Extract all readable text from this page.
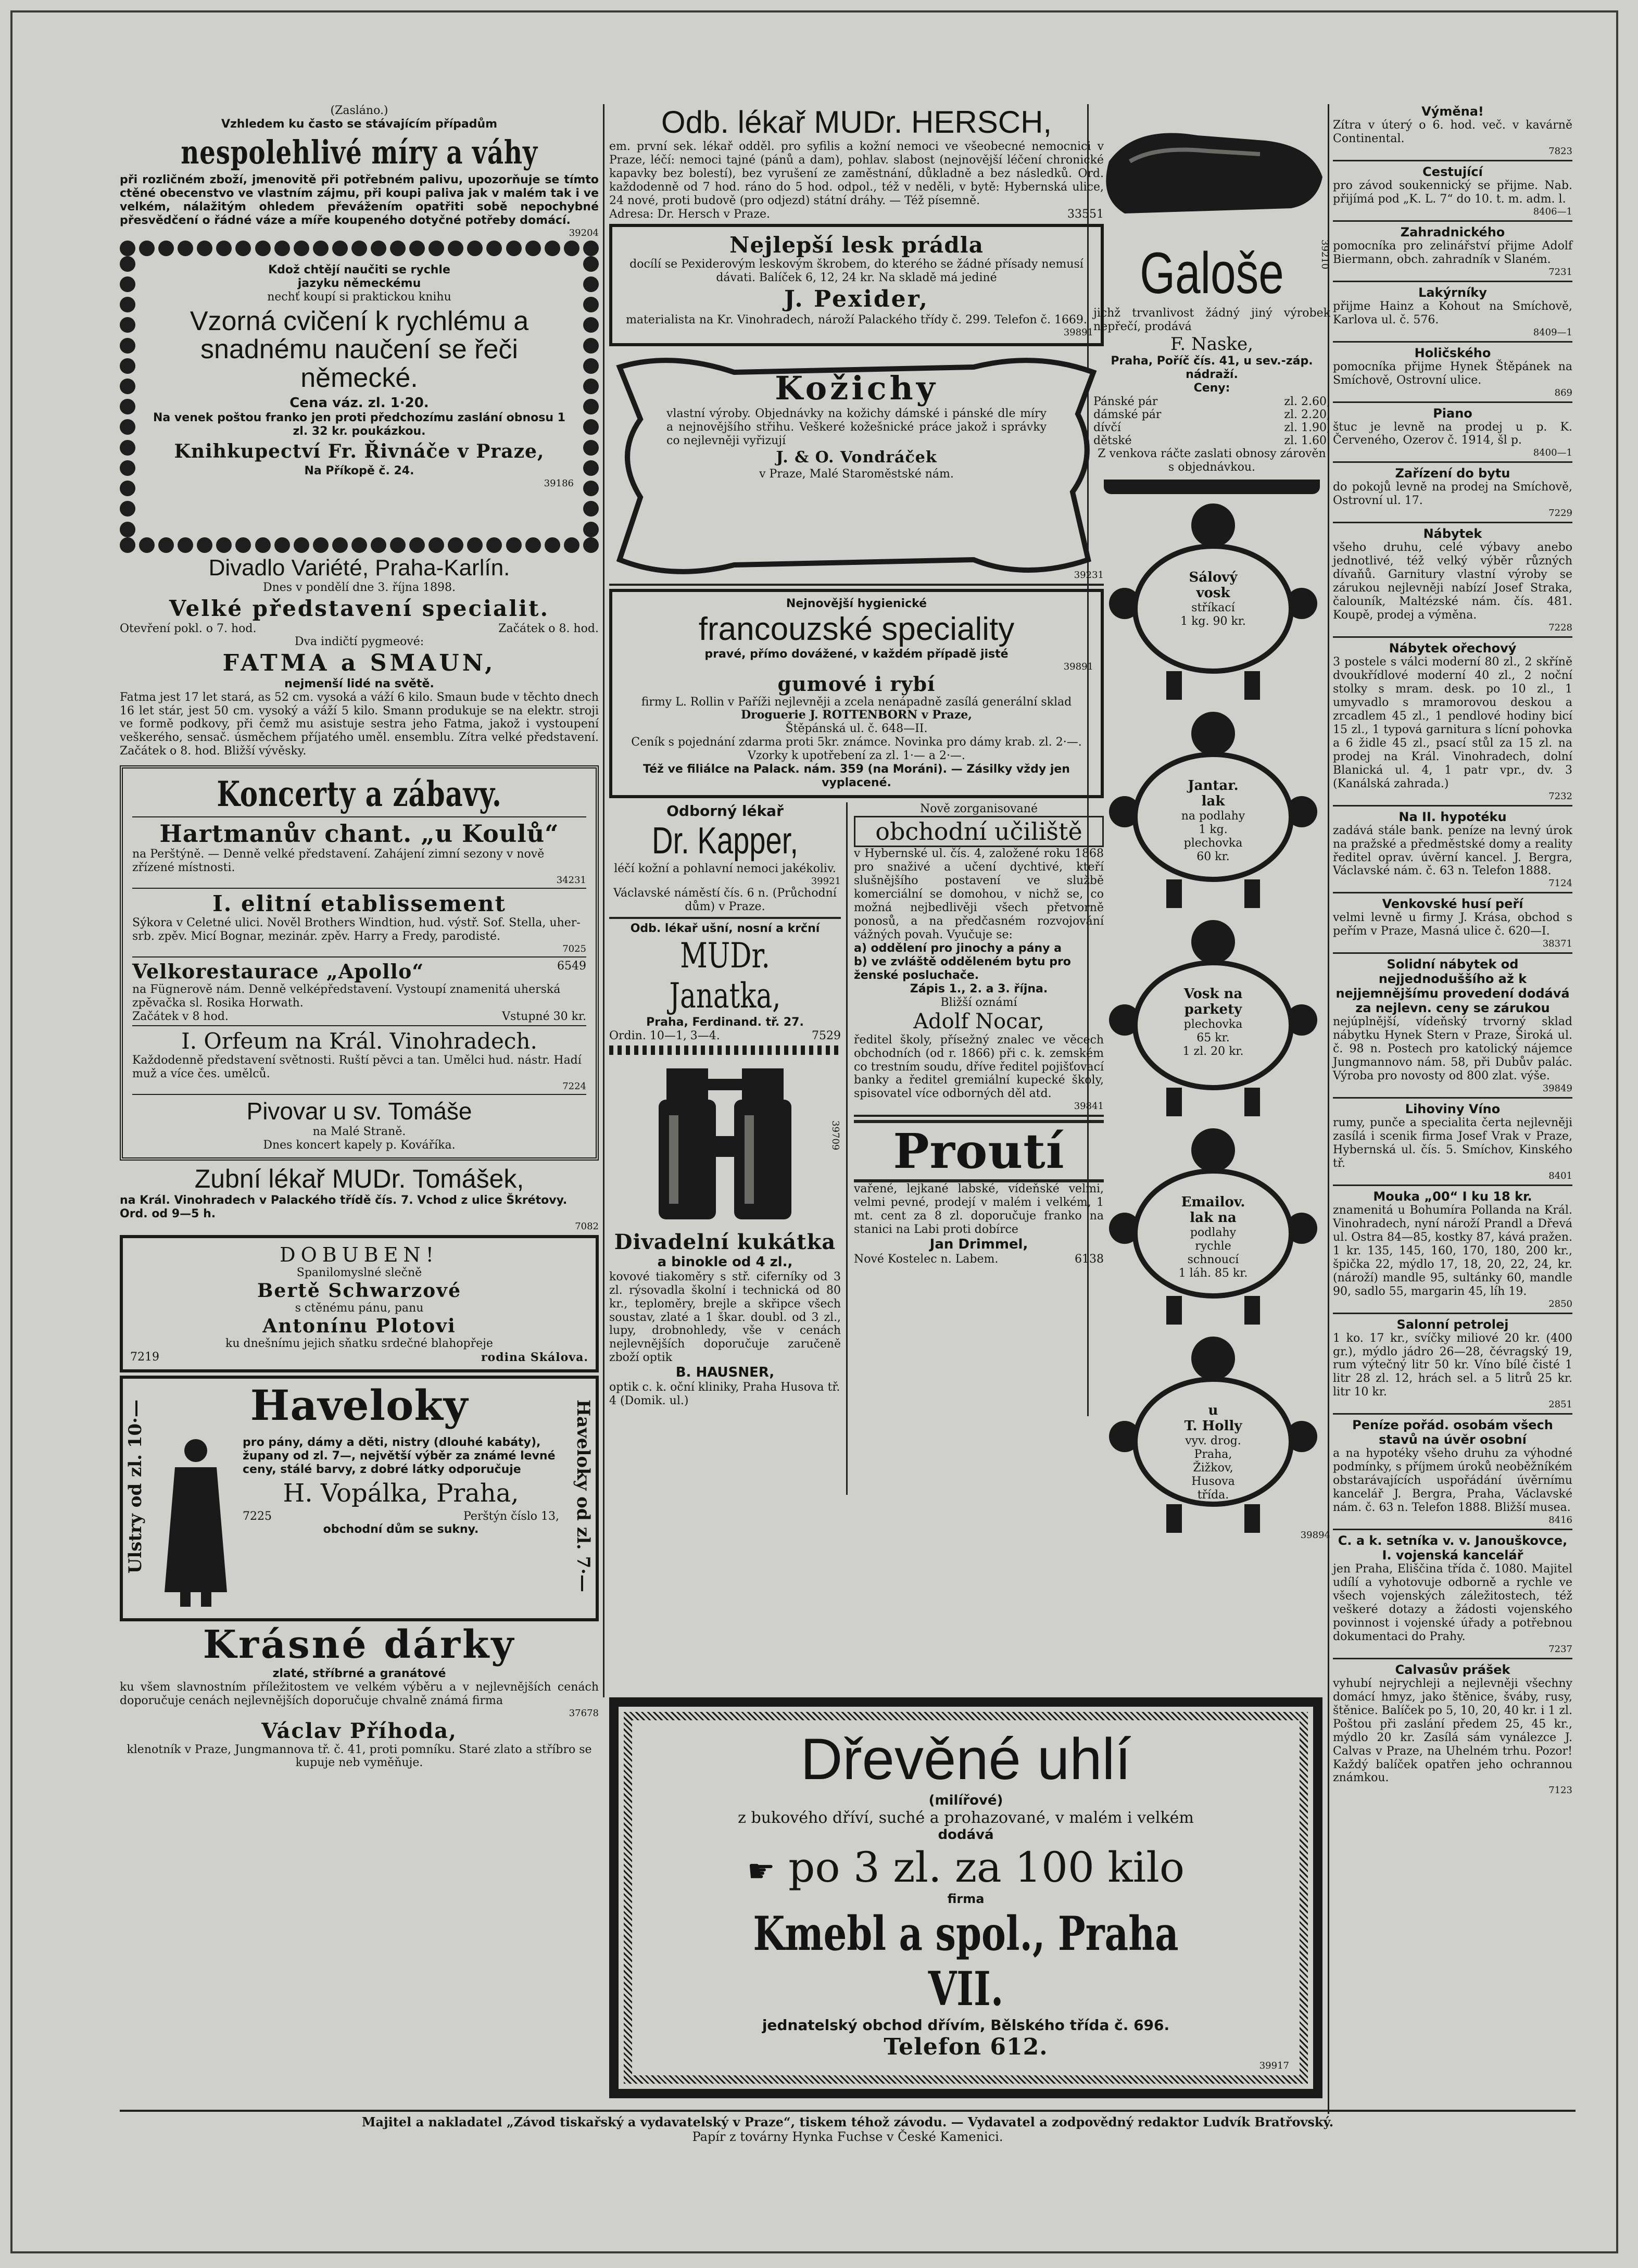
(Zasláno.)

Vzhledem ku často se stávajícím případům

nespolehlivé míry a váhy

při rozličném zboží, jmenovitě při potřebném palivu, upozorňuje se tímto ctěné obecenstvo ve vlastním zájmu, při koupi paliva jak v malém tak i ve velkém, nálažitým ohledem převážením opatřiti sobě nepochybné přesvědčení o řádné váze a míře koupeného dotyčné potřeby domácí.

39204

Kdož chtějí naučiti se rychle

jazyku německému

nechť koupí si praktickou knihu

Vzorná cvičení k rychlému a snadnému naučení se řeči německé.

Cena váz. zl. 1·20.

Na venek poštou franko jen proti předchozímu zaslání obnosu 1 zl. 32 kr. poukázkou.

Knihkupectví Fr. Řivnáče v Praze,

Na Příkopě č. 24.

39186

Divadlo Variété, Praha-Karlín.

Dnes v pondělí dne 3. října 1898.

Velké představení specialit.

Otevření pokl. o 7. hod.	Začátek o 8. hod.

Dva indičtí pygmeové:

FATMA a SMAUN,

nejmenší lidé na světě.

Fatma jest 17 let stará, as 52 cm. vysoká a váží 6 kilo. Smaun bude v těchto dnech 16 let stár, jest 50 cm. vysoký a váží 5 kilo. Smann produkuje se na elektr. stroji ve formě podkovy, při čemž mu asistuje sestra jeho Fatma, jakož i vystoupení veškerého, sensač. úsměchem příjatého uměl. ensemblu. Zítra velké představení. Začátek o 8. hod. Bližší vývěsky.

Koncerty a zábavy.

Hartmanův chant. „u Koulů“

na Perštýně. — Denně velké představení. Zahájení zimní sezony v nově zřízené místnosti.

34231

I. elitní etablissement

Sýkora v Celetné ulici. Nověl Brothers Windtion, hud. výstř. Sof. Stella, uher-srb. zpěv. Micí Bognar, mezinár. zpěv. Harry a Fredy, parodisté.

7025

Velkorestaurace „Apollo“	6549

na Fügnerově nám. Denně velképředstavení. Vystoupí znamenitá uherská zpěvačka sl. Rosika Horwath.

Začátek v 8 hod.	Vstupné 30 kr.

I. Orfeum na Král. Vinohradech.

Každodenně představení světnosti. Ruští pěvci a tan. Umělci hud. nástr. Hadí muž a více čes. umělců.

7224

Pivovar u sv. Tomáše

na Malé Straně.

Dnes koncert kapely p. Kováříka.

Zubní lékař MUDr. Tomášek,

na Král. Vinohradech v Palackého třídě čís. 7. Vchod z ulice Škrétovy. Ord. od 9—5 h.

7082

DOBUBEN!

Spanilomyslné slečně

Bertě Schwarzové

s ctěnému pánu, panu

Antonínu Plotovi

ku dnešnímu jejich sňatku srdečné blahopřeje

7219	rodina Skálova.
Ulstry od zl. 10·—	Haveloky od zl. 7·—

Haveloky

pro pány, dámy a děti, nistry (dlouhé kabáty), župany od zl. 7—, největší výběr za známé levné ceny, stálé barvy, z dobré látky odporučuje

H. Vopálka, Praha,

7225	Perštýn číslo 13,

obchodní dům se sukny.

Krásné dárky

zlaté, stříbrné a granátové

ku všem slavnostním příležitostem ve velkém výběru a v nejlevnějších cenách doporučuje cenách nejlevnějších doporučuje chvalně známá firma

37678

Václav Příhoda,

klenotník v Praze, Jungmannova tř. č. 41, proti pomníku. Staré zlato a stříbro se kupuje neb vyměňuje.

Odb. lékař MUDr. HERSCH,

em. první sek. lékař odděl. pro syfilis a kožní nemoci ve všeobecné nemocnici v Praze, léčí: nemoci tajné (pánů a dam), pohlav. slabost (nejnovější léčení chronické kapavky bez bolestí), bez vyrušení ze zaměstnání, důkladně a bez následků. Ord. každodenně od 7 hod. ráno do 5 hod. odpol., též v neděli, v bytě: Hybernská ulice, 24 nové, proti budově (pro odjezd) státní dráhy. — Též písemně.

Adresa: Dr. Hersch v Praze.	33551

Nejlepší lesk prádla

docílí se Pexiderovým leskovým škrobem, do kterého se žádné přísady nemusí dávati. Balíček 6, 12, 24 kr. Na skladě má jediné

J. Pexider,

materialista na Kr. Vinohradech, nároží Palackého třídy č. 299. Telefon č. 1669.

39891

Kožichy

vlastní výroby. Objednávky na kožichy dámské i pánské dle míry a nejnovějšího střihu. Veškeré kožešnické práce jakož i správky co nejlevněji vyřizují

J. & O. Vondráček

v Praze, Malé Staroměstské nám.

39231

Nejnovější hygienické

francouzské speciality

pravé, přímo dovážené, v každém případě jisté

39891

gumové i rybí

firmy L. Rollin v Paříži nejlevněji a zcela nenápadně zasílá generální sklad

Droguerie J. ROTTENBORN v Praze,

Štěpánská ul. č. 648—II.

Ceník s pojednání zdarma proti 5kr. známce. Novinka pro dámy krab. zl. 2·—.

Vzorky k upotřebení za zl. 1·— a 2·—.

Též ve filiálce na Palack. nám. 359 (na Moráni). — Zásilky vždy jen vyplacené.

Odborný lékař

Dr. Kapper,

léčí kožní a pohlavní nemoci jakékoliv.

39921

Václavské náměstí čís. 6 n. (Průchodní dům) v Praze.

Odb. lékař ušní, nosní a krční

MUDr. Janatka,

Praha, Ferdinand. tř. 27.

Ordin. 10—1, 3—4.	7529

39709

Divadelní kukátka

a binokle od 4 zl.,

kovové tiakoměry s stř. ciferníky od 3 zl. rýsovadla školní i technická od 80 kr., teploměry, brejle a skřipce všech soustav, zlaté a 1 škar. doubl. od 3 zl., lupy, drobnohledy, vše v cenách nejlevnějších doporučuje zaručeně zboží optik

B. HAUSNER,

optik c. k. oční kliniky, Praha Husova tř. 4 (Domik. ul.)

Nově zorganisované

obchodní učiliště

v Hybernské ul. čís. 4, založené roku 1868 pro snaživé a učení dychtivé, kteří slušnějšího postavení ve službě komerciální se domohou, v nichž se, co možná nejbedlivěji všech přetvorně ponosů, a na předčasném rozvojování vážných povah. Vyučuje se:

a) oddělení pro jinochy a pány a

b) ve zvláště odděleném bytu pro ženské posluchače.

Zápis 1., 2. a 3. října.

Bližší oznámí

Adolf Nocar,

ředitel školy, přísežný znalec ve věcech obchodních (od r. 1866) při c. k. zemském co trestním soudu, dříve ředitel pojišťovací banky a ředitel gremiální kupecké školy, spisovatel více odborných děl atd.

39841

Proutí

vařené, lejkané labské, vídeňské velmi, velmi pevné, prodejí v malém i velkém, 1 mt. cent za 8 zl. doporučuje franko na stanici na Labi proti dobírce

Jan Drimmel,

Nové Kostelec n. Labem.	6138

Dřevěné uhlí

(milířové)

z bukového dříví, suché a prohazované, v malém i velkém

dodává

☛ po 3 zl. za 100 kilo

firma

Kmebl a spol., Praha VII.

jednatelský obchod dřívím, Bělského třída č. 696.

Telefon 612.

39917

Galoše	39210

jichž trvanlivost žádný jiný výrobek nepřečí, prodává

F. Naske,

Praha, Poříč čís. 41, u sev.-záp. nádraží.

Ceny:

Pánské pár	zl. 2.60,
dámské pár	zl. 2.20,
dívčí	zl. 1.90,
dětské	zl. 1.60.

Z venkova ráčte zaslati obnosy zárověn s objednávkou.

Sálový

vosk

stříkací

1 kg. 90 kr.

Jantar.

lak

na podlahy

1 kg. plechovka 60 kr.

Vosk na

parkety

plechovka 65 kr.

1 zl. 20 kr.

Emailov.

lak na

podlahy rychle schnoucí

1 láh. 85 kr.

u

T. Holly

vyv. drog. Praha, Žižkov,

Husova třída.

39894

Výměna!

Zítra v úterý o 6. hod. več. v kavárně Continental.

7823

Cestující

pro závod soukennický se přijme. Nab. přijímá pod „K. L. 7“ do 10. t. m. adm. l.

8406—1

Zahradnického

pomocníka pro zelinářství přijme Adolf Biermann, obch. zahradník v Slaném.

7231

Lakýrníky

přijme Hainz a Kohout na Smíchově, Karlova ul. č. 576.

8409—1

Holičského

pomocníka přijme Hynek Štěpánek na Smíchově, Ostrovní ulice.

869

Piano

štuc je levně na prodej u p. K. Červeného, Ozerov č. 1914, šl p.

8400—1

Zařízení do bytu

do pokojů levně na prodej na Smíchově, Ostrovní ul. 17.

7229

Nábytek

všeho druhu, celé výbavy anebo jednotlivé, též velký výběr různých dívaňů. Garnitury vlastní výroby se zárukou nejlevněji nabízí Josef Straka, čalouník, Maltézské nám. čís. 481. Koupě, prodej a výměna.

7228

Nábytek ořechový

3 postele s válci moderní 80 zl., 2 skříně dvoukřídlové moderní 40 zl., 2 noční stolky s mram. desk. po 10 zl., 1 umyvadlo s mramorovou deskou a zrcadlem 45 zl., 1 pendlové hodiny bicí 15 zl., 1 typová garnitura s lícní pohovka a 6 židle 45 zl., psací stůl za 15 zl. na prodej na Král. Vinohradech, dolní Blanická ul. 4, 1 patr vpr., dv. 3 (Kanálská zahrada.)

7232

Na II. hypotéku

zadává stále bank. peníze na levný úrok na pražské a předměstské domy a reality ředitel oprav. úvěrní kancel. J. Bergra, Václavské nám. č. 63 n. Telefon 1888.

7124

Venkovské husí peří

velmi levně u firmy J. Krása, obchod s peřím v Praze, Masná ulice č. 620—I.

38371

Solidní nábytek od nejjednoduššího až k nejjemnějšímu provedení dodává za nejlevn. ceny se zárukou

nejúplnější, vídeňský trvorný sklad nábytku Hynek Stern v Praze, Široká ul. č. 98 n. Postech pro katolický nájemce Jungmannovo nám. 58, při Dubův palác. Výroba pro novosty od 800 zlat. výše.

39849

Lihoviny Víno

rumy, punče a specialita čerta nejlevněji zasílá i scenik firma Josef Vrak v Praze, Hybernská ul. čís. 5. Smíchov, Kinského tř.

8401

Mouka „00“ I ku 18 kr.

znamenitá u Bohumíra Pollanda na Král. Vinohradech, nyní nároží Prandl a Dřevá ul. Ostra 84—85, kostky 87, kává pražen. 1 kr. 135, 145, 160, 170, 180, 200 kr., špička 22, mýdlo 17, 18, 20, 22, 24, kr. (nároží) mandle 95, sultánky 60, mandle 90, sadlo 55, margarin 45, líh 19.

2850

Salonní petrolej

1 ko. 17 kr., svíčky miliové 20 kr. (400 gr.), mýdlo jádro 26—28, čévragský 19, rum výtečný litr 50 kr. Víno bílé čisté 1 litr 28 zl. 12, hrách sel. a 5 litrů 25 kr. litr 10 kr.

2851

Peníze pořád. osobám všech stavů na úvěr osobní

a na hypotéky všeho druhu za výhodné podmínky, s příjmem úroků neoběžníkém obstarávajících uspořádání úvěrnímu kancelář J. Bergra, Praha, Václavské nám. č. 63 n. Telefon 1888. Bližší musea.

8416

C. a k. setníka v. v. Janouškovce, I. vojenská kancelář

jen Praha, Eliščina třída č. 1080. Majitel udílí a vyhotovuje odborně a rychle ve všech vojenských záležitostech, též veškeré dotazy a žádosti vojenského povinnost i vojenské úřady a potřebnou dokumentaci do Prahy.

7237

Calvasův prášek

vyhubí nejrychleji a nejlevněji všechny domácí hmyz, jako štěnice, šváby, rusy, štěnice. Balíček po 5, 10, 20, 40 kr. i 1 zl. Poštou při zaslání předem 25, 45 kr., mýdlo 20 kr. Zasílá sám vynálezce J. Calvas v Praze, na Uhelném trhu. Pozor! Každý balíček opatřen jeho ochrannou známkou.

7123

Majitel a nakladatel „Závod tiskařský a vydavatelský v Praze“, tiskem téhož závodu. — Vydavatel a zodpovědný redaktor Ludvík Bratřovský.

Papír z továrny Hynka Fuchse v České Kamenici.
